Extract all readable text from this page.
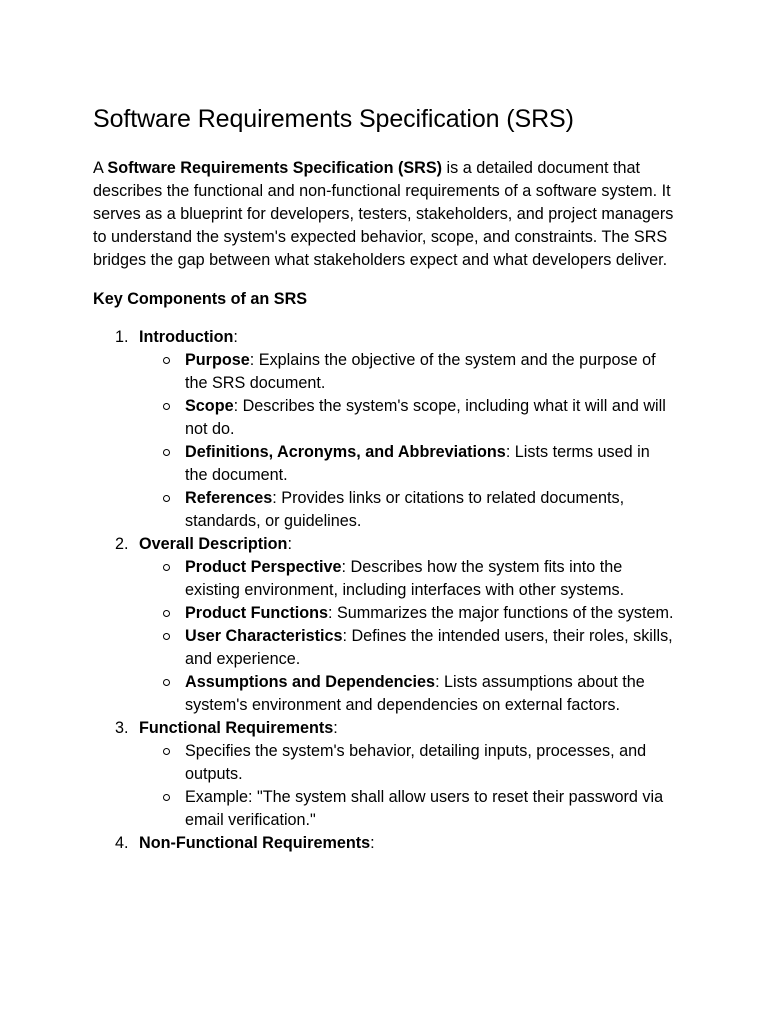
Software Requirements Specification (SRS)

A Software Requirements Specification (SRS) is a detailed document that describes the functional and non-functional requirements of a software system. It serves as a blueprint for developers, testers, stakeholders, and project managers to understand the system's expected behavior, scope, and constraints. The SRS bridges the gap between what stakeholders expect and what developers deliver.

Key Components of an SRS

1. Introduction:
Purpose: Explains the objective of the system and the purpose of the SRS document.
Scope: Describes the system's scope, including what it will and will not do.
Definitions, Acronyms, and Abbreviations: Lists terms used in the document.
References: Provides links or citations to related documents, standards, or guidelines.
2. Overall Description:
Product Perspective: Describes how the system fits into the existing environment, including interfaces with other systems.
Product Functions: Summarizes the major functions of the system.
User Characteristics: Defines the intended users, their roles, skills, and experience.
Assumptions and Dependencies: Lists assumptions about the system's environment and dependencies on external factors.
3. Functional Requirements:
Specifies the system's behavior, detailing inputs, processes, and outputs.
Example: "The system shall allow users to reset their password via email verification."
4. Non-Functional Requirements:
